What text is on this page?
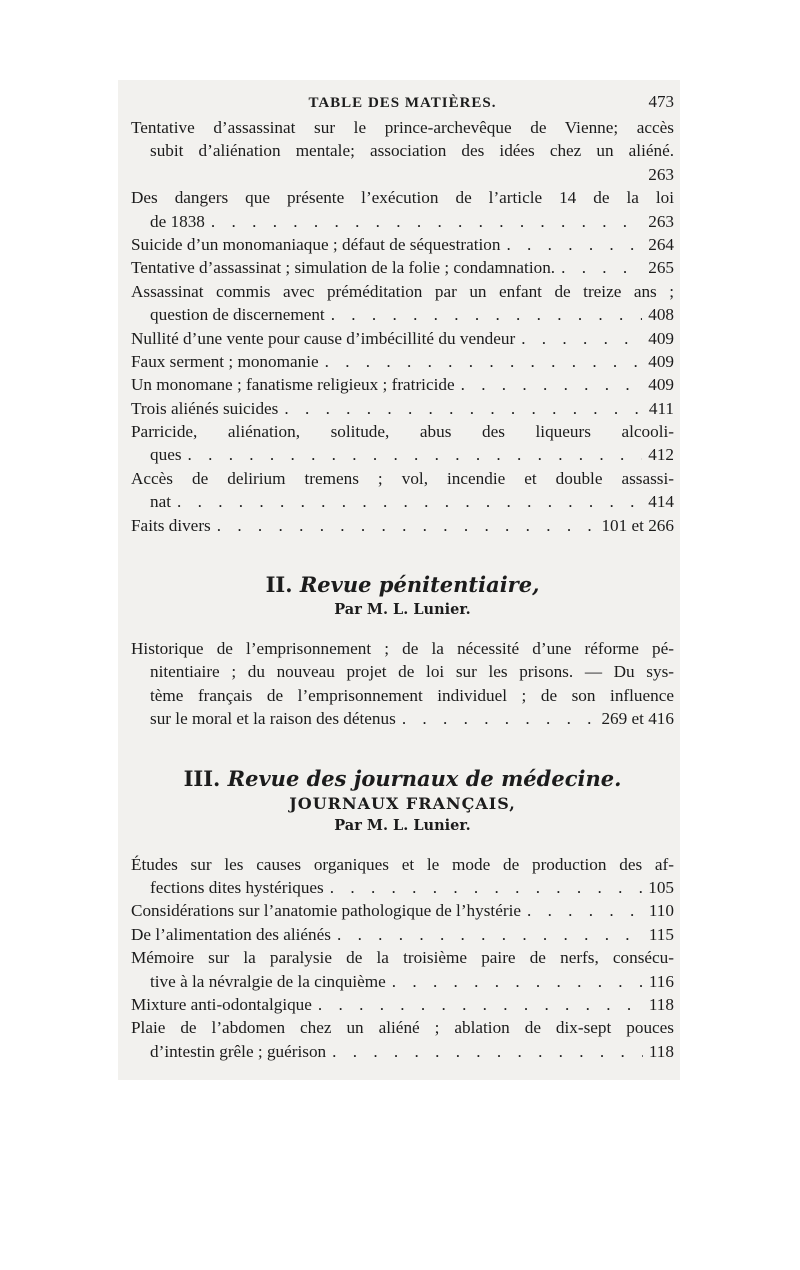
TABLE DES MATIÈRES.	473
Tentative d’assassinat sur le prince-archevêque de Vienne; accès
subit d’aliénation mentale; association des idées chez un aliéné.
263
Des dangers que présente l’exécution de l’article 14 de la loi
de 1838 . . .	263
Suicide d’un monomaniaque ; défaut de séquestration . . .	264
Tentative d’assassinat ; simulation de la folie ; condamnation. . . .	265
Assassinat commis avec préméditation par un enfant de treize ans ;
question de discernement . . .	408
Nullité d’une vente pour cause d’imbécillité du vendeur . . .	409
Faux serment ; monomanie . . .	409
Un monomane ; fanatisme religieux ; fratricide . . .	409
Trois aliénés suicides . . .	411
Parricide, aliénation, solitude, abus des liqueurs alcooli-
ques . . .	412
Accès de delirium tremens ; vol, incendie et double assassi-
nat . . .	414
Faits divers . . .	101 et 266
II. Revue pénitentiaire,
Par M. L. Lunier.
Historique de l’emprisonnement ; de la nécessité d’une réforme pé-
nitentiaire ; du nouveau projet de loi sur les prisons. — Du sys-
tème français de l’emprisonnement individuel ; de son influence
sur le moral et la raison des détenus . . .	269 et 416
III. Revue des journaux de médecine.
JOURNAUX FRANÇAIS,
Par M. L. Lunier.
Études sur les causes organiques et le mode de production des af-
fections dites hystériques . . .	105
Considérations sur l’anatomie pathologique de l’hystérie . . .	110
De l’alimentation des aliénés . . .	115
Mémoire sur la paralysie de la troisième paire de nerfs, consécu-
tive à la névralgie de la cinquième . . .	116
Mixture anti-odontalgique . . .	118
Plaie de l’abdomen chez un aliéné ; ablation de dix-sept pouces
d’intestin grêle ; guérison . . .	118
